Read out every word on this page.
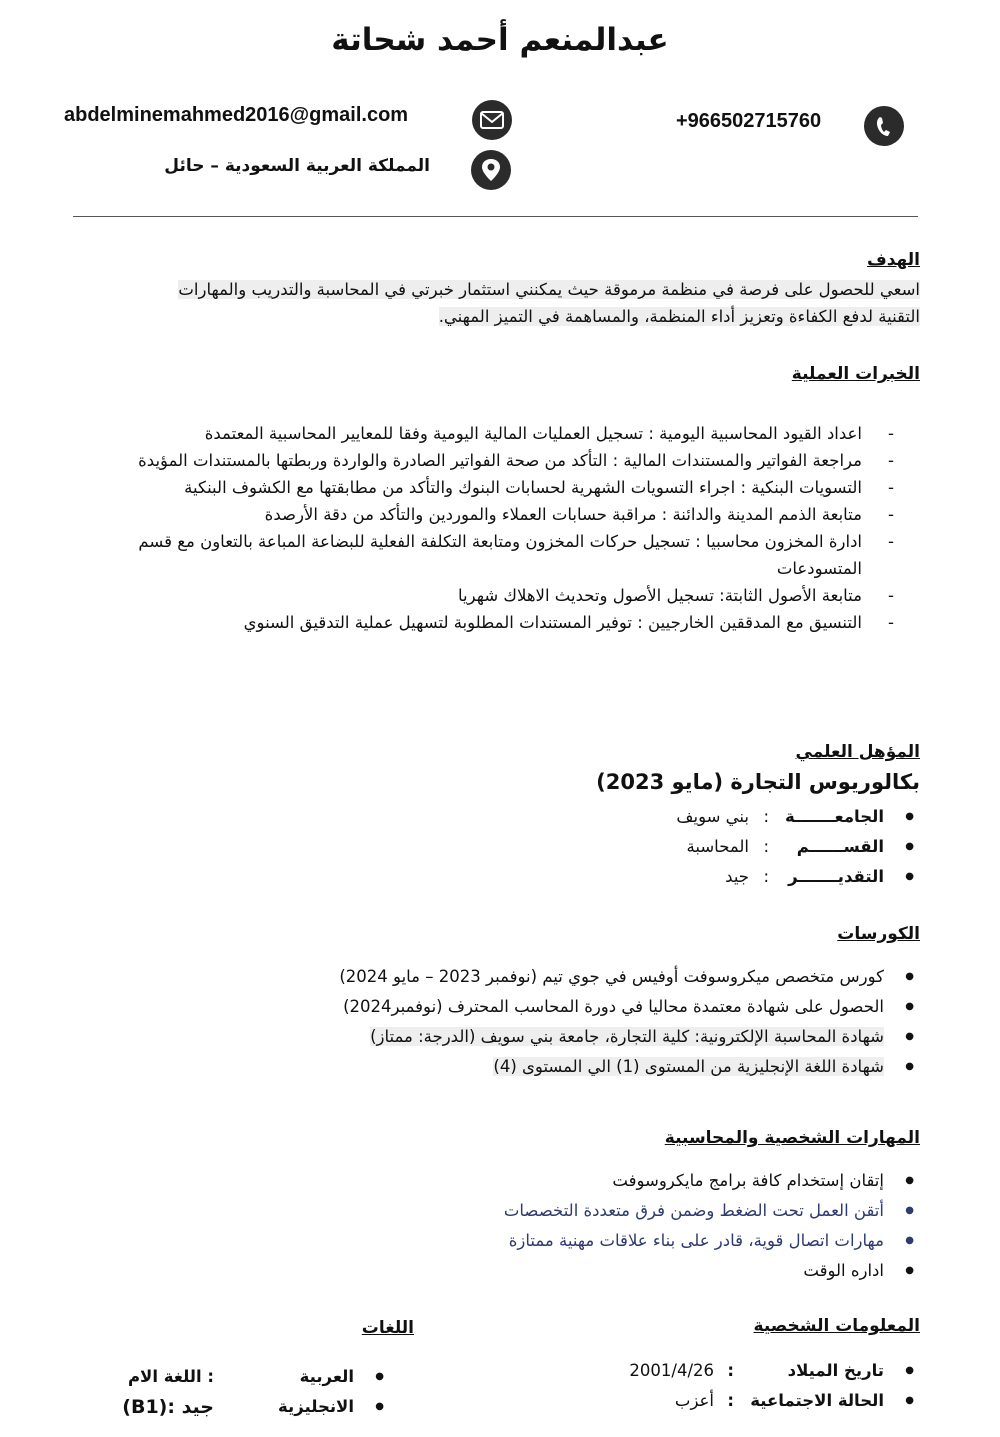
عبدالمنعم أحمد شحاتة
abdelminemahmed2016@gmail.com	+966502715760
المملكة العربية السعودية – حائل
الهدف
اسعي للحصول على فرصة في منظمة مرموقة حيث يمكنني استثمار خبرتي في المحاسبة والتدريب والمهارات
التقنية لدفع الكفاءة وتعزيز أداء المنظمة، والمساهمة في التميز المهني.
الخبرات العملية
- اعداد القيود المحاسبية اليومية : تسجيل العمليات المالية اليومية وفقا للمعايير المحاسبية المعتمدة
- مراجعة الفواتير والمستندات المالية : التأكد من صحة الفواتير الصادرة والواردة وربطتها بالمستندات المؤيدة
- التسويات البنكية : اجراء التسويات الشهرية لحسابات البنوك والتأكد من مطابقتها مع الكشوف البنكية
- متابعة الذمم المدينة والدائنة : مراقبة حسابات العملاء والموردين والتأكد من دقة الأرصدة
- ادارة المخزون محاسبيا : تسجيل حركات المخزون ومتابعة التكلفة الفعلية للبضاعة المباعة بالتعاون مع قسم المتسودعات
- متابعة الأصول الثابتة: تسجيل الأصول وتحديث الاهلاك شهريا
- التنسيق مع المدققين الخارجيين : توفير المستندات المطلوبة لتسهيل عملية التدقيق السنوي
المؤهل العلمي
بكالوريوس التجارة (مايو 2023)
● الجامعـــــــة
:
بني سويف
● القســــــم
:
المحاسبة
● التقديـــــــر
:
جيد
الكورسات
● كورس متخصص ميكروسوفت أوفيس في جوي تيم (نوفمبر 2023 – مايو 2024)
● الحصول على شهادة معتمدة محاليا في دورة المحاسب المحترف (نوفمبر2024)
● شهادة المحاسبة الإلكترونية: كلية التجارة، جامعة بني سويف (الدرجة: ممتاز)
● شهادة اللغة الإنجليزية من المستوى (1) الي المستوى (4)
المهارات الشخصية والمحاسبية
● إتقان إستخدام كافة برامج مايكروسوفت
● أتقن العمل تحت الضغط وضمن فرق متعددة التخصصات
● مهارات اتصال قوية، قادر على بناء علاقات مهنية ممتازة
● اداره الوقت
المعلومات الشخصية
● تاريخ الميلاد
:
2001/4/26
● الحالة الاجتماعية
:
أعزب
اللغات
● العربية
: اللغة الام
● الانجليزية
جيد :(B1)
